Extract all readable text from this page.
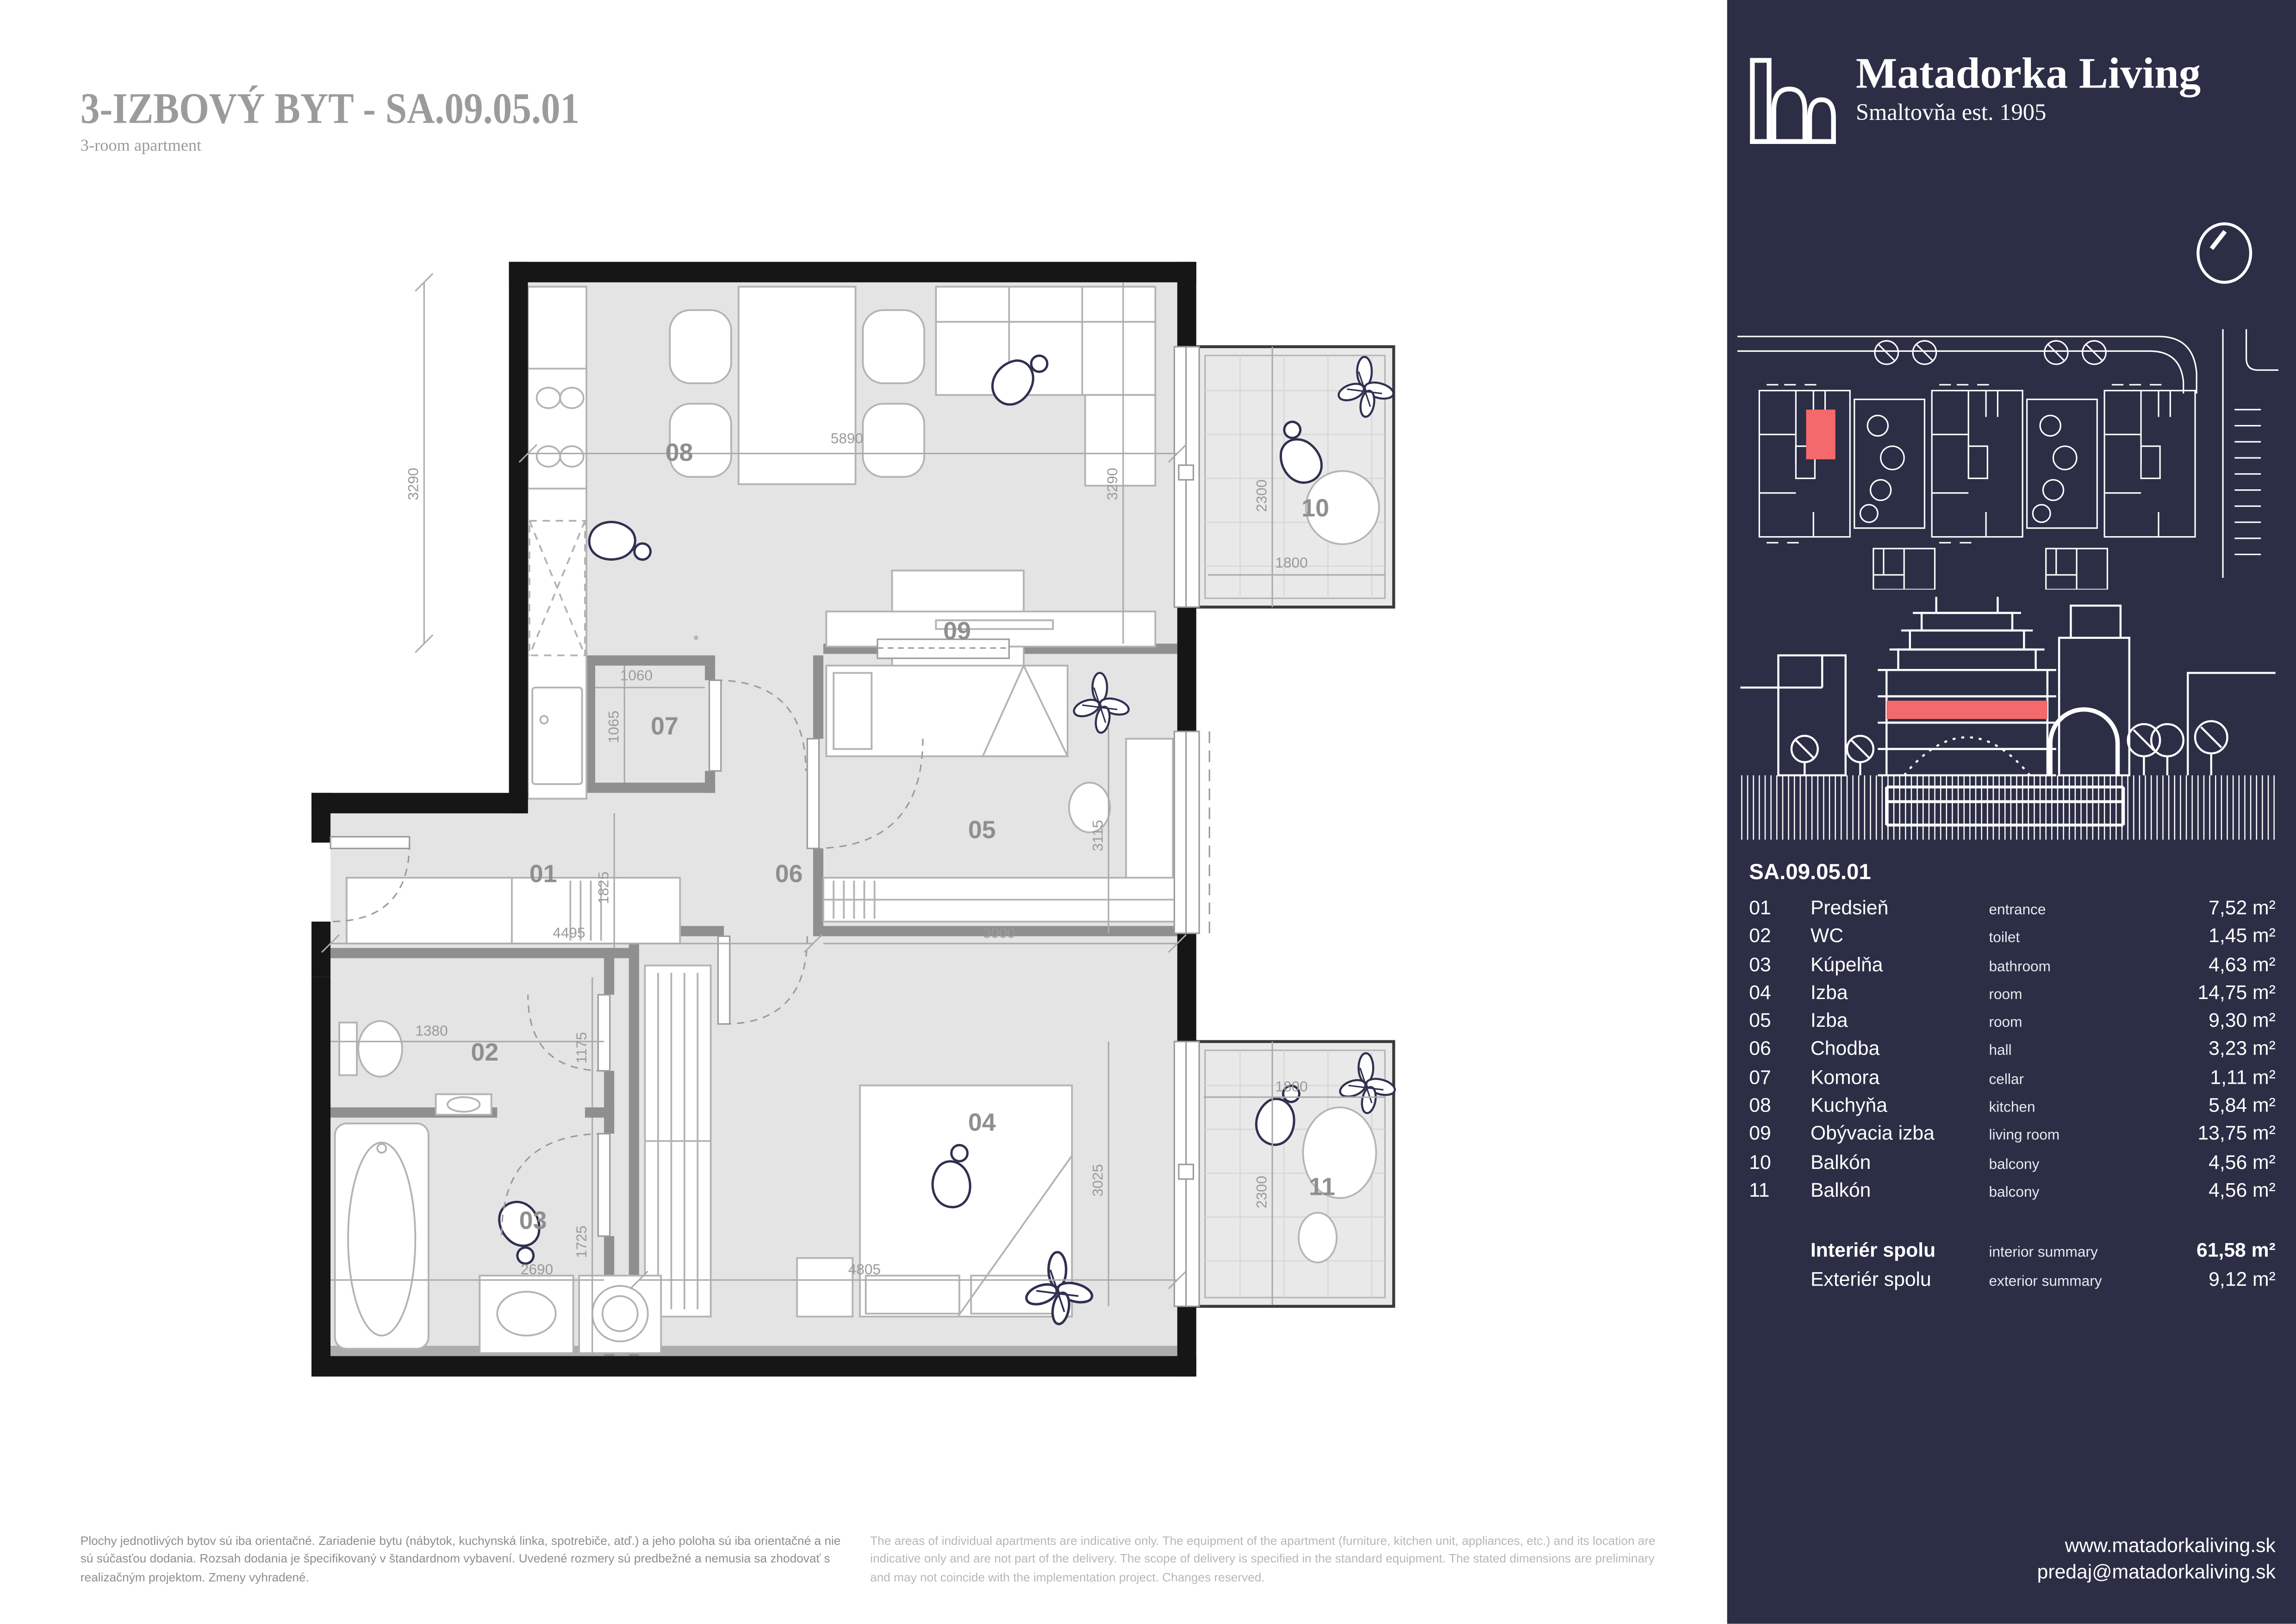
3-IZBOVÝ BYT - SA.09.05.01
3-room apartment
5890
3290	3290	2300
1800
1060
1065
3115
1825
4495	3000
1380
1175
1725
2690	4805
3025	2300
1800
*
01
02
03
04
05
06
07
08
09
10
11
Matadorka Living
Smaltovňa est. 1905
SA.09.05.01
01	Predsieň	entrance	7,52 m²
02	WC	toilet	1,45 m²
03	Kúpelňa	bathroom	4,63 m²
04	Izba	room	14,75 m²
05	Izba	room	9,30 m²
06	Chodba	hall	3,23 m²
07	Komora	cellar	1,11 m²
08	Kuchyňa	kitchen	5,84 m²
09	Obývacia izba	living room	13,75 m²
10	Balkón	balcony	4,56 m²
11	Balkón	balcony	4,56 m²
Interiér spolu	interior summary	61,58 m²
Exteriér spolu	exterior summary	9,12 m²
www.matadorkaliving.sk
predaj@matadorkaliving.sk
Plochy jednotlivých bytov sú iba orientačné. Zariadenie bytu (nábytok, kuchynská linka, spotrebiče, atď.) a jeho poloha sú iba orientačné a nie sú súčasťou dodania. Rozsah dodania je špecifikovaný v štandardnom vybavení. Uvedené rozmery sú predbežné a nemusia sa zhodovať s realizačným projektom. Zmeny vyhradené.
The areas of individual apartments are indicative only. The equipment of the apartment (furniture, kitchen unit, appliances, etc.) and its location are indicative only and are not part of the delivery. The scope of delivery is specified in the standard equipment. The stated dimensions are preliminary and may not coincide with the implementation project. Changes reserved.
